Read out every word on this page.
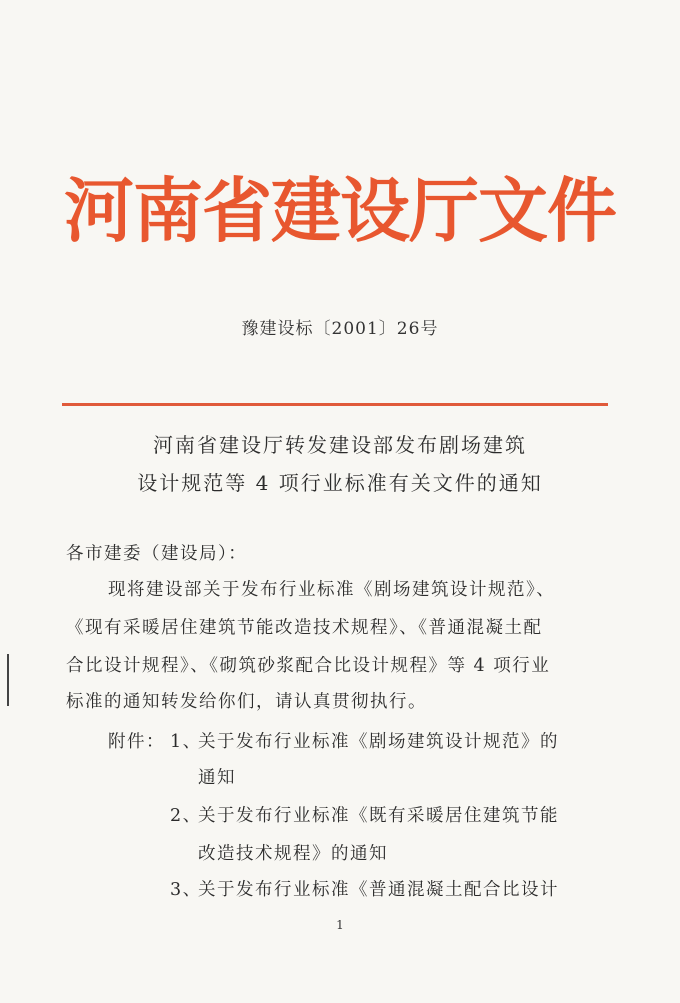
河南省建设厅文件
豫建设标〔2001〕26号
河南省建设厅转发建设部发布剧场建筑
设计规范等 4 项行业标准有关文件的通知
各市建委（建设局）：
现将建设部关于发布行业标准《剧场建筑设计规范》、
《现有采暖居住建筑节能改造技术规程》、《普通混凝土配
合比设计规程》、《砌筑砂浆配合比设计规程》等 4 项行业
标准的通知转发给你们，请认真贯彻执行。
附件： 1、
关于发布行业标准《剧场建筑设计规范》的
通知
2、
关于发布行业标准《既有采暖居住建筑节能
改造技术规程》的通知
3、
关于发布行业标准《普通混凝土配合比设计
1
